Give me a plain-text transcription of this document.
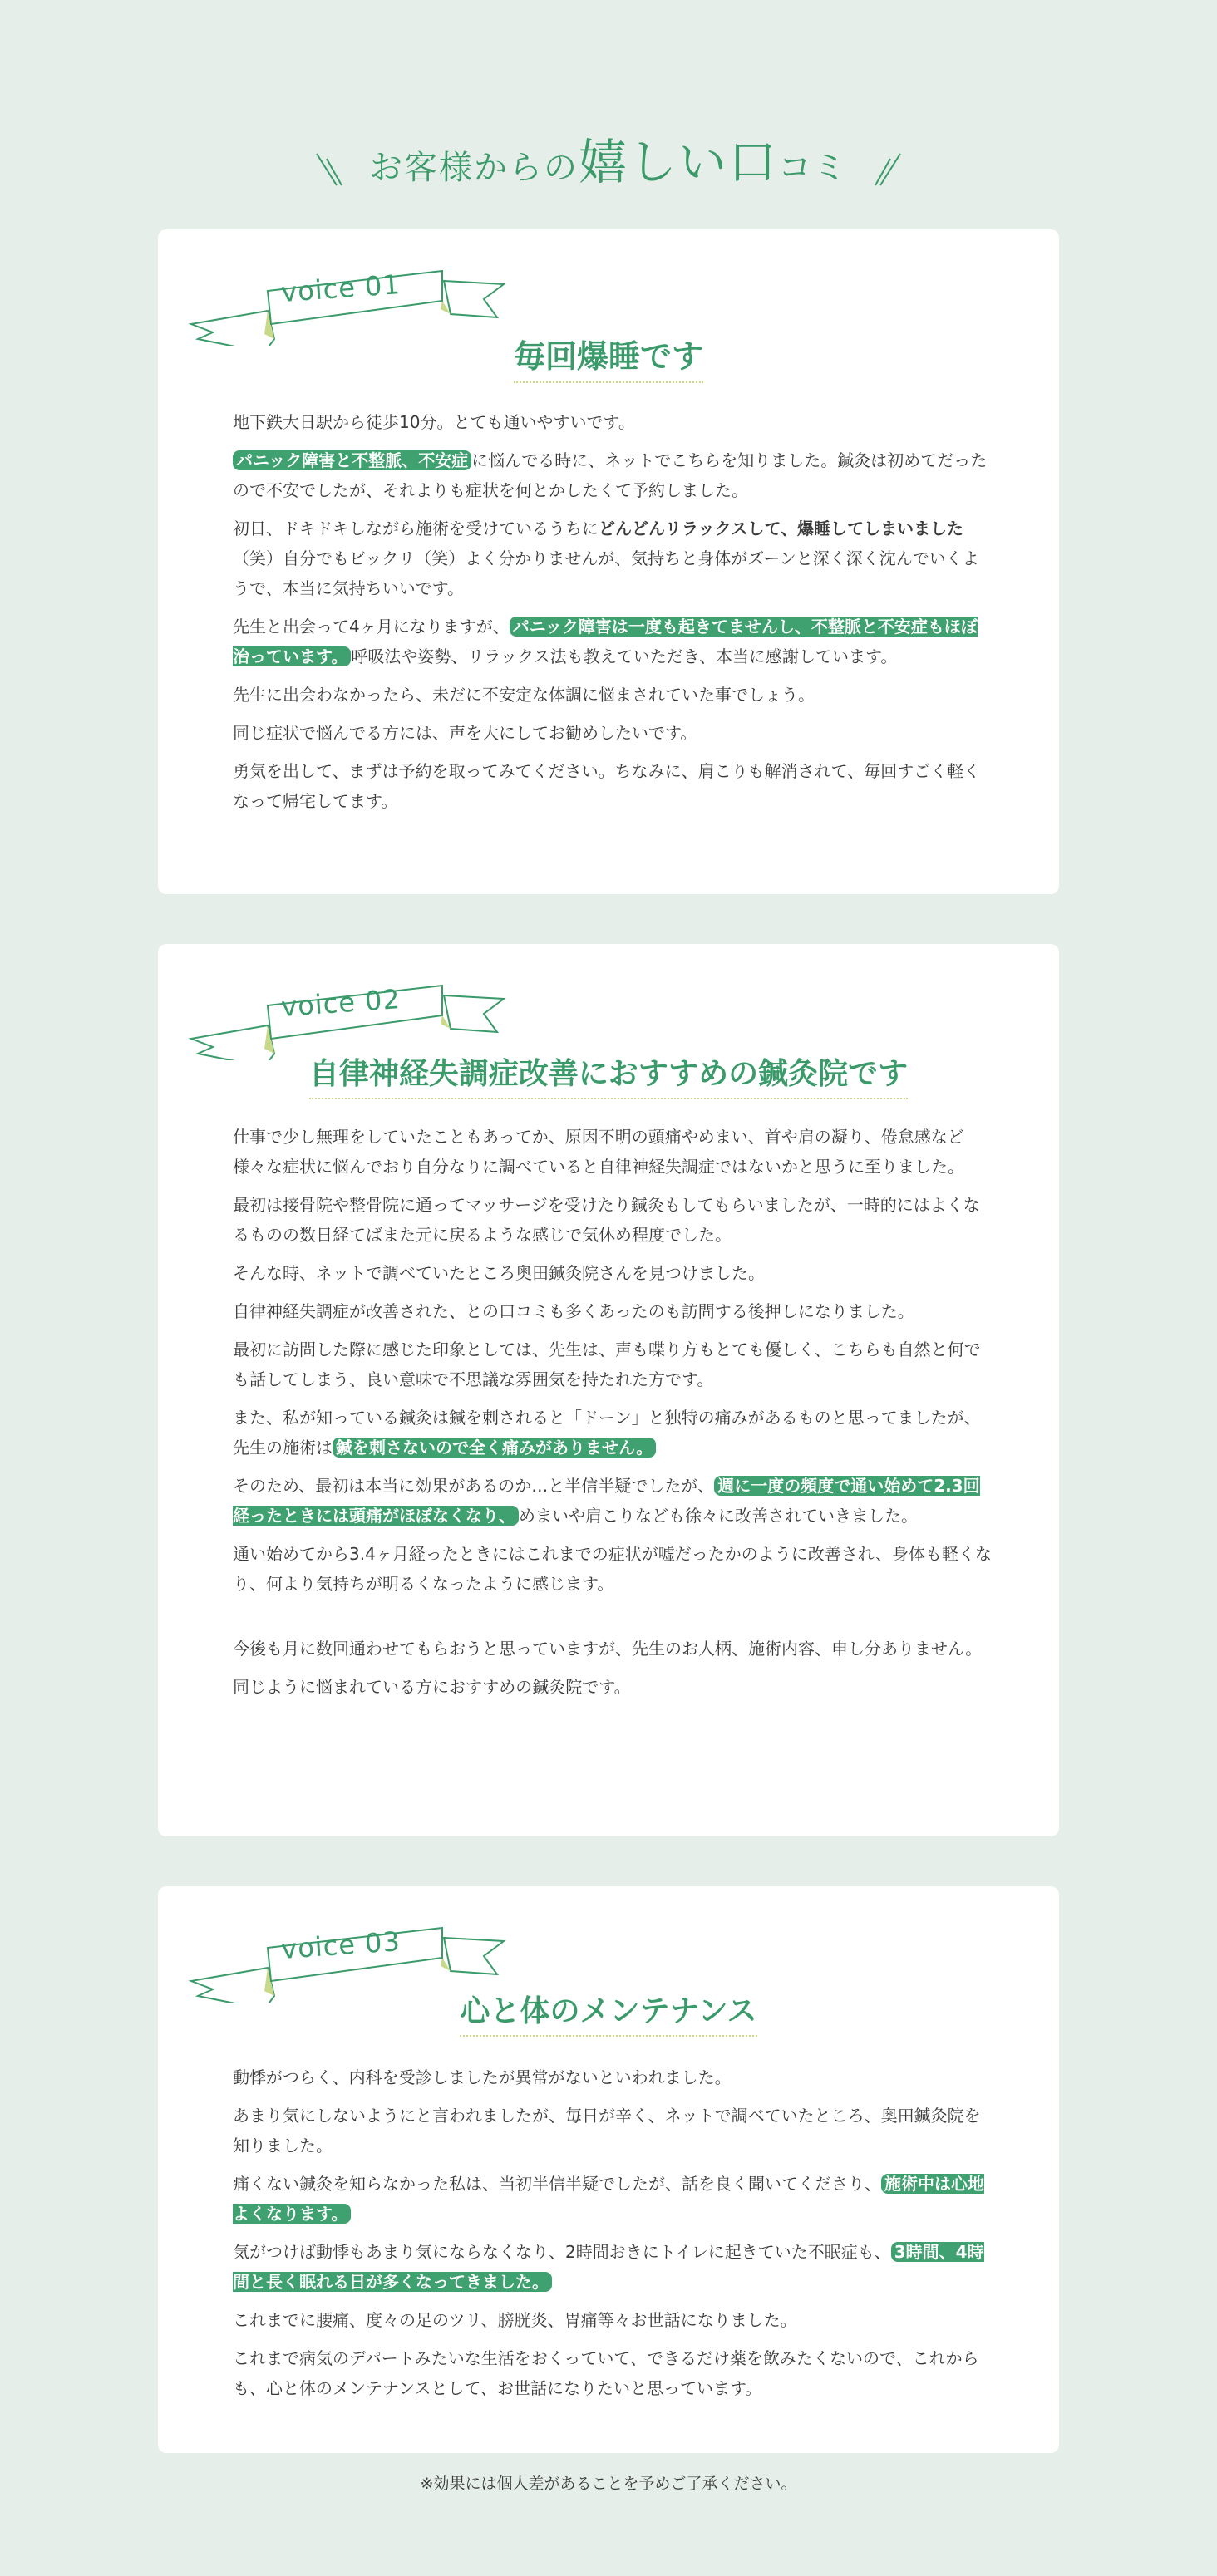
お客様からの嬉しい口コミ
voice 01
毎回爆睡です

地下鉄大日駅から徒歩10分。とても通いやすいです。

パニック障害と不整脈、不安症 に悩んでる時に、ネットでこちらを知りました。鍼灸は初めてだったので不安でしたが、それよりも症状を何とかしたくて予約しました。

初日、ドキドキしながら施術を受けているうちにどんどんリラックスして、爆睡してしまいました（笑）自分でもビックリ（笑）よく分かりませんが、気持ちと身体がズーンと深く深く沈んでいくようで、本当に気持ちいいです。

先生と出会って4ヶ月になりますが、 パニック障害は一度も起きてませんし、不整脈と不安症もほぼ治っています。 呼吸法や姿勢、リラックス法も教えていただき、本当に感謝しています。

先生に出会わなかったら、未だに不安定な体調に悩まされていた事でしょう。

同じ症状で悩んでる方には、声を大にしてお勧めしたいです。

勇気を出して、まずは予約を取ってみてください。ちなみに、肩こりも解消されて、毎回すごく軽くなって帰宅してます。

voice 02
自律神経失調症改善におすすめの鍼灸院です

仕事で少し無理をしていたこともあってか、原因不明の頭痛やめまい、首や肩の凝り、倦怠感など様々な症状に悩んでおり自分なりに調べていると自律神経失調症ではないかと思うに至りました。

最初は接骨院や整骨院に通ってマッサージを受けたり鍼灸もしてもらいましたが、一時的にはよくなるものの数日経てばまた元に戻るような感じで気休め程度でした。

そんな時、ネットで調べていたところ奥田鍼灸院さんを見つけました。

自律神経失調症が改善された、との口コミも多くあったのも訪問する後押しになりました。

最初に訪問した際に感じた印象としては、先生は、声も喋り方もとても優しく、こちらも自然と何でも話してしまう、良い意味で不思議な雰囲気を持たれた方です。

また、私が知っている鍼灸は鍼を刺されると「ドーン」と独特の痛みがあるものと思ってましたが、先生の施術は 鍼を刺さないので全く痛みがありません。

そのため、最初は本当に効果があるのか…と半信半疑でしたが、 週に一度の頻度で通い始めて2.3回経ったときには頭痛がほぼなくなり、 めまいや肩こりなども徐々に改善されていきました。

通い始めてから3.4ヶ月経ったときにはこれまでの症状が嘘だったかのように改善され、身体も軽くなり、何より気持ちが明るくなったように感じます。

今後も月に数回通わせてもらおうと思っていますが、先生のお人柄、施術内容、申し分ありません。

同じように悩まれている方におすすめの鍼灸院です。

voice 03
心と体のメンテナンス

動悸がつらく、内科を受診しましたが異常がないといわれました。

あまり気にしないようにと言われましたが、毎日が辛く、ネットで調べていたところ、奥田鍼灸院を知りました。

痛くない鍼灸を知らなかった私は、当初半信半疑でしたが、話を良く聞いてくださり、 施術中は心地よくなります。

気がつけば動悸もあまり気にならなくなり、2時間おきにトイレに起きていた不眠症も、 3時間、4時間と長く眠れる日が多くなってきました。

これまでに腰痛、度々の足のツリ、膀胱炎、胃痛等々お世話になりました。

これまで病気のデパートみたいな生活をおくっていて、できるだけ薬を飲みたくないので、これからも、心と体のメンテナンスとして、お世話になりたいと思っています。

※効果には個人差があることを予めご了承ください。
